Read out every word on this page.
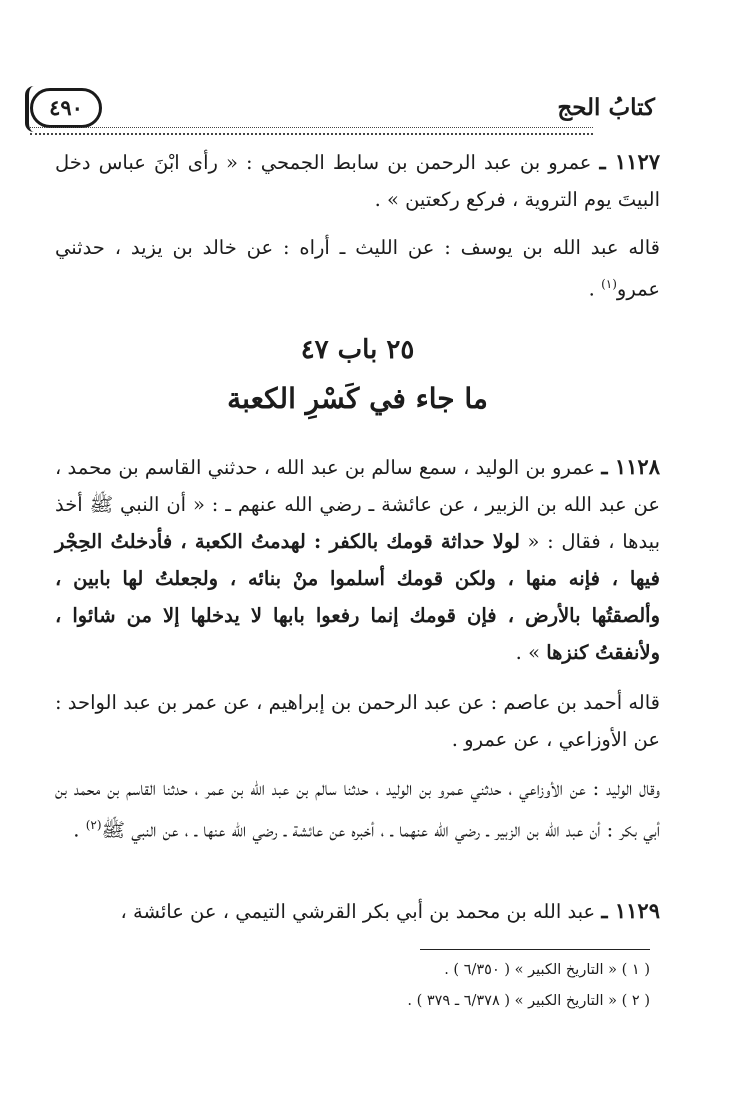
كتابُ الحج
٤٩٠
١١٢٧ ـ عمرو بن عبد الرحمن بن سابط الجمحي : « رأى ابْنَ عباس دخل البيتَ يوم التروية ، فركع ركعتين » .
قاله عبد الله بن يوسف : عن الليث ـ أراه : عن خالد بن يزيد ، حدثني عمرو$^{(١)}$ .
٢٥ باب ٤٧
ما جاء في كَسْرِ الكعبة
١١٢٨ ـ عمرو بن الوليد ، سمع سالم بن عبد الله ، حدثني القاسم بن محمد ، عن عبد الله بن الزبير ، عن عائشة ـ رضي الله عنهم ـ : « أن النبي ﷺ أخذ بيدها ، فقال : « لولا حداثة قومك بالكفر : لهدمتُ الكعبة ، فأدخلتُ الحِجْر فيها ، فإنه منها ، ولكن قومك أسلموا منْ بنائه ، ولجعلتُ لها بابين ، وألصقتُها بالأرض ، فإن قومك إنما رفعوا بابها لا يدخلها إلا من شائوا ، ولأنفقتُ كنزها » .
قاله أحمد بن عاصم : عن عبد الرحمن بن إبراهيم ، عن عمر بن عبد الواحد : عن الأوزاعي ، عن عمرو .
وقال الوليد : عن الأوزاعي ، حدثني عمرو بن الوليد ، حدثنا سالم بن عبد الله بن عمر ، حدثنا القاسم بن محمد بن أبي بكر : أن عبد الله بن الزبير ـ رضي الله عنهما ـ ، أخبره عن عائشة ـ رضي الله عنها ـ ، عن النبي ﷺ$^{(٢)}$ .
١١٢٩ ـ عبد الله بن محمد بن أبي بكر القرشي التيمي ، عن عائشة ،
( ١ ) « التاريخ الكبير » ( ٦/٣٥٠ ) .
( ٢ ) « التاريخ الكبير » ( ٦/٣٧٨ ـ ٣٧٩ ) .
